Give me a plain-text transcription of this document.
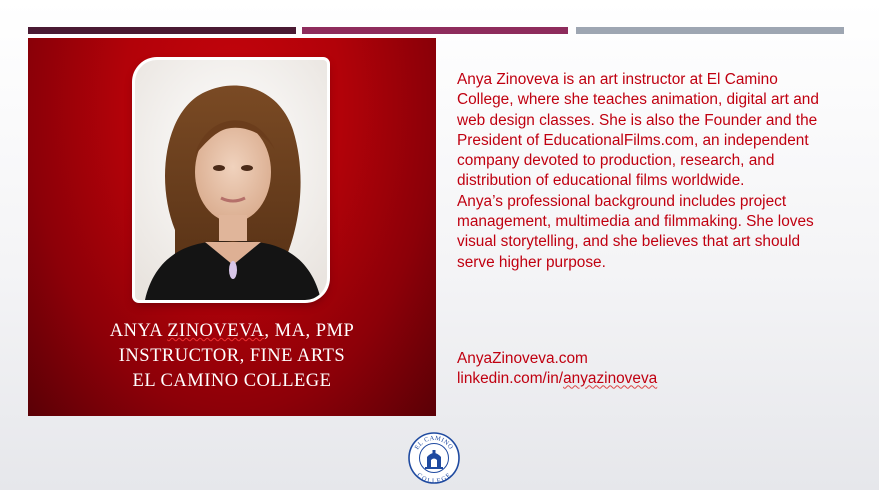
ANYA ZINOVEVA, MA, PMP
INSTRUCTOR, FINE ARTS
EL CAMINO COLLEGE

Anya Zinoveva is an art instructor at El Camino College, where she teaches animation, digital art and web design classes. She is also the Founder and the President of EducationalFilms.com, an independent company devoted to production, research, and distribution of educational films worldwide.

Anya’s professional background includes project management, multimedia and filmmaking. She loves visual storytelling, and she believes that art should serve higher purpose.

AnyaZinoveva.com
linkedin.com/in/anyazinoveva
EL CAMINO
COLLEGE
